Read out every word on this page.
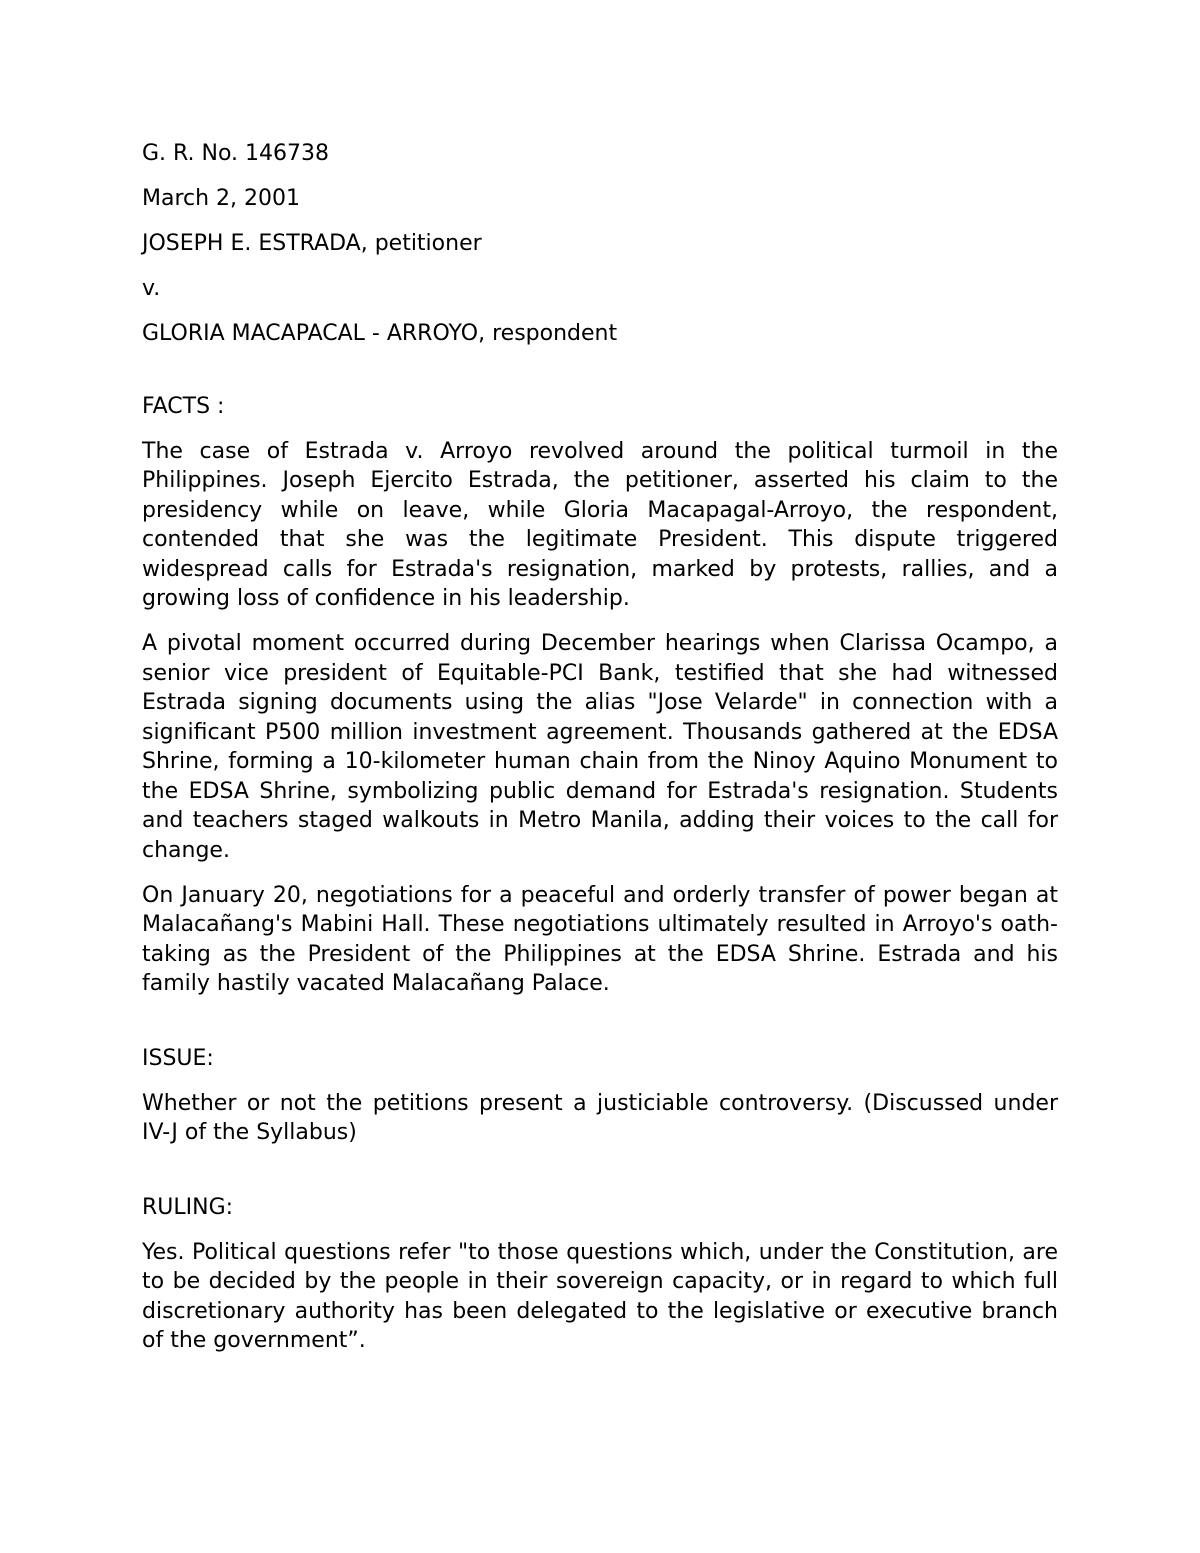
G. R. No. 146738
March 2, 2001
JOSEPH E. ESTRADA, petitioner
v.
GLORIA MACAPACAL - ARROYO, respondent
FACTS :

The case of Estrada v. Arroyo revolved around the political turmoil in the Philippines. Joseph Ejercito Estrada, the petitioner, asserted his claim to the presidency while on leave, while Gloria Macapagal-Arroyo, the respondent, contended that she was the legitimate President. This dispute triggered widespread calls for Estrada's resignation, marked by protests, rallies, and a growing loss of confidence in his leadership.

A pivotal moment occurred during December hearings when Clarissa Ocampo, a senior vice president of Equitable-PCI Bank, testified that she had witnessed Estrada signing documents using the alias "Jose Velarde" in connection with a significant P500 million investment agreement. Thousands gathered at the EDSA Shrine, forming a 10-kilometer human chain from the Ninoy Aquino Monument to the EDSA Shrine, symbolizing public demand for Estrada's resignation. Students and teachers staged walkouts in Metro Manila, adding their voices to the call for change.

On January 20, negotiations for a peaceful and orderly transfer of power began at Malacañang's Mabini Hall. These negotiations ultimately resulted in Arroyo's oath-taking as the President of the Philippines at the EDSA Shrine. Estrada and his family hastily vacated Malacañang Palace.

ISSUE:

Whether or not the petitions present a justiciable controversy. (Discussed under IV-J of the Syllabus)

RULING:

Yes. Political questions refer "to those questions which, under the Constitution, are to be decided by the people in their sovereign capacity, or in regard to which full discretionary authority has been delegated to the legislative or executive branch of the government”.
